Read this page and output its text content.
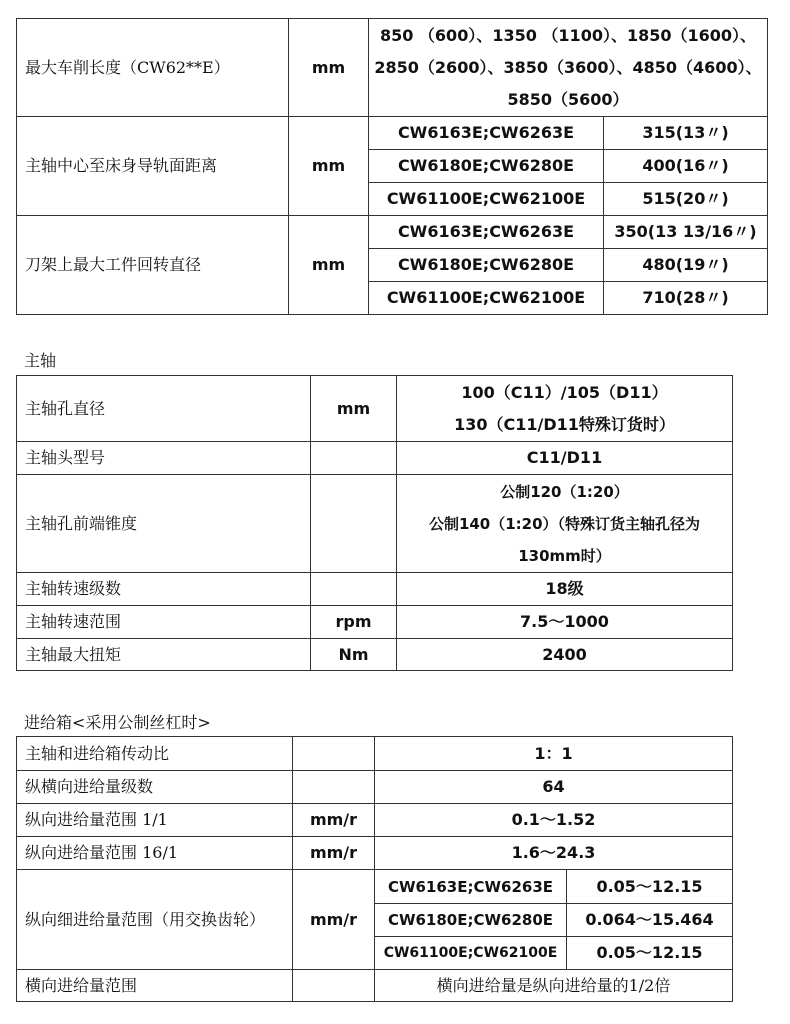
最大车削长度（CW62**E）	mm
850 （600）、1350 （1100）、1850（1600）、
2850（2600）、3850（3600）、4850（4600）、
5850（5600）
主轴中心至床身导轨面距离	mm
CW6163E;CW6263E	315(13〃)
CW6180E;CW6280E	400(16〃)
CW61100E;CW62100E	515(20〃)
刀架上最大工件回转直径	mm
CW6163E;CW6263E	350(13 13/16〃)
CW6180E;CW6280E	480(19〃)
CW61100E;CW62100E	710(28〃)
主轴
主轴孔直径	mm
100（C11）/105（D11）
130（C11/D11特殊订货时）
主轴头型号	C11/D11
主轴孔前端锥度
公制120（1:20）
公制140（1:20）（特殊订货主轴孔径为
130mm时）
主轴转速级数	18级
主轴转速范围	rpm	7.5～1000
主轴最大扭矩	Nm	2400
进给箱<采用公制丝杠时>
主轴和进给箱传动比	1：1
纵横向进给量级数	64
纵向进给量范围 1/1	mm/r	0.1～1.52
纵向进给量范围 16/1	mm/r	1.6～24.3
纵向细进给量范围（用交换齿轮）	mm/r
CW6163E;CW6263E	0.05～12.15
CW6180E;CW6280E	0.064～15.464
CW61100E;CW62100E	0.05～12.15
横向进给量范围	横向进给量是纵向进给量的1/2倍
